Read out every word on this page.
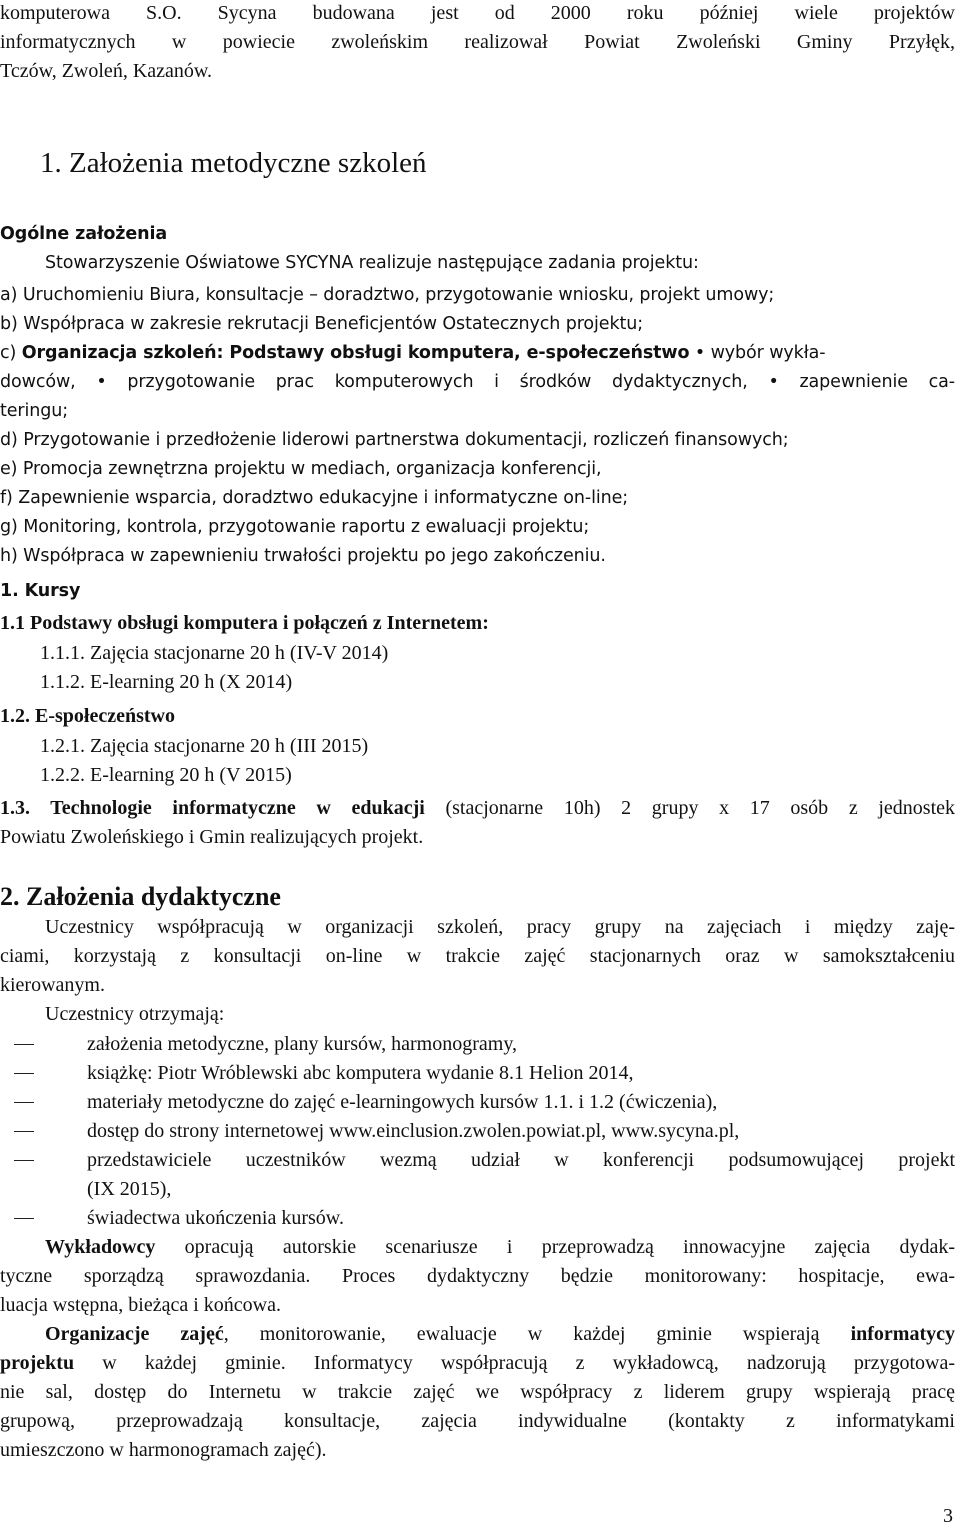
komputerowa S.O. Sycyna budowana jest od 2000 roku później wiele projektów
informatycznych w powiecie zwoleńskim realizował Powiat Zwoleński Gminy Przyłęk,
Tczów, Zwoleń, Kazanów.
1. Założenia metodyczne szkoleń
Ogólne założenia
Stowarzyszenie Oświatowe SYCYNA realizuje następujące zadania projektu:
a) Uruchomieniu Biura, konsultacje – doradztwo, przygotowanie wniosku, projekt umowy;
b) Współpraca w zakresie rekrutacji Beneficjentów Ostatecznych projektu;
c) Organizacja szkoleń: Podstawy obsługi komputera, e-społeczeństwo • wybór wykła-
dowców, • przygotowanie prac komputerowych i środków dydaktycznych, • zapewnienie ca-
teringu;
d) Przygotowanie i przedłożenie liderowi partnerstwa dokumentacji, rozliczeń finansowych;
e) Promocja zewnętrzna projektu w mediach, organizacja konferencji,
f) Zapewnienie wsparcia, doradztwo edukacyjne i informatyczne on-line;
g) Monitoring, kontrola, przygotowanie raportu z ewaluacji projektu;
h) Współpraca w zapewnieniu trwałości projektu po jego zakończeniu.
1. Kursy
1.1 Podstawy obsługi komputera i połączeń z Internetem:
1.1.1. Zajęcia stacjonarne 20 h (IV-V 2014)
1.1.2. E-learning 20 h (X 2014)
1.2. E-społeczeństwo
1.2.1. Zajęcia stacjonarne 20 h (III 2015)
1.2.2. E-learning 20 h (V 2015)
1.3. Technologie informatyczne w edukacji (stacjonarne 10h) 2 grupy x 17 osób z jednostek
Powiatu Zwoleńskiego i Gmin realizujących projekt.
2. Założenia dydaktyczne
Uczestnicy współpracują w organizacji szkoleń, pracy grupy na zajęciach i między zaję-
ciami, korzystają z konsultacji on-line w trakcie zajęć stacjonarnych oraz w samokształceniu
kierowanym.
Uczestnicy otrzymają:
założenia metodyczne, plany kursów, harmonogramy,
książkę: Piotr Wróblewski abc komputera wydanie 8.1 Helion 2014,
materiały metodyczne do zajęć e-learningowych kursów 1.1. i 1.2 (ćwiczenia),
dostęp do strony internetowej www.einclusion.zwolen.powiat.pl, www.sycyna.pl,
przedstawiciele uczestników wezmą udział w konferencji podsumowującej projekt
(IX 2015),
świadectwa ukończenia kursów.
Wykładowcy opracują autorskie scenariusze i przeprowadzą innowacyjne zajęcia dydak-
tyczne sporządzą sprawozdania. Proces dydaktyczny będzie monitorowany: hospitacje, ewa-
luacja wstępna, bieżąca i końcowa.
Organizacje zajęć, monitorowanie, ewaluacje w każdej gminie wspierają informatycy
projektu w każdej gminie. Informatycy współpracują z wykładowcą, nadzorują przygotowa-
nie sal, dostęp do Internetu w trakcie zajęć we współpracy z liderem grupy wspierają pracę
grupową, przeprowadzają konsultacje, zajęcia indywidualne (kontakty z informatykami
umieszczono w harmonogramach zajęć).
3
